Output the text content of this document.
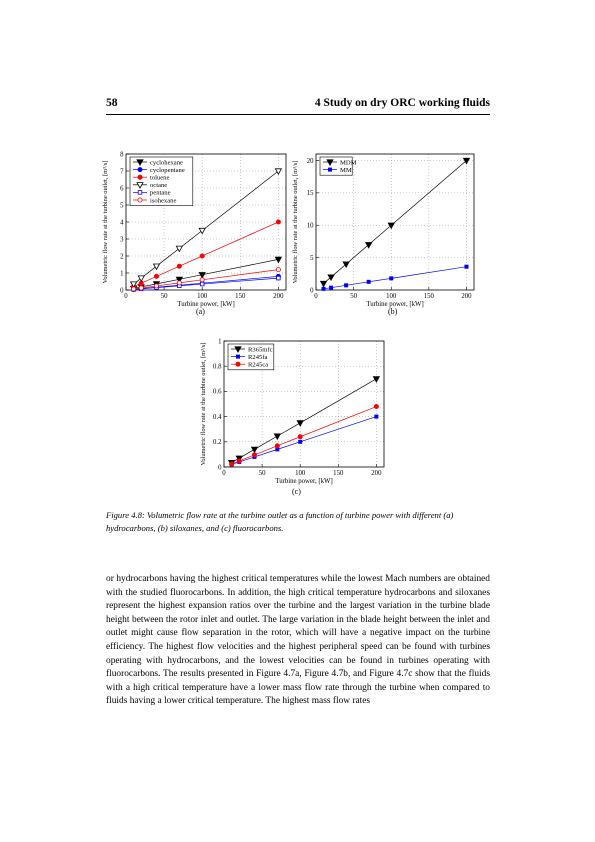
58	4 Study on dry ORC working fluids
0	50	100	150	200
0
1
2
3
4
5
6
7
8
Turbine power, [kW]
Volumetric flow rate at the turbine outlet, [m³/s]	cyclohexane
cyclopentane
toluene
octane
pentane
isohexane
0	50	100	150	200
0
5
10
15
20
Turbine power, [kW]
Volumetric flow rate at the turbine outlet, [m³/s]	MDM
MM
0	50	100	150	200
0
0.2
0.4
0.6
0.8
1
Turbine power, [kW]
Volumetric flow rate at the turbine outlet, [m³/s]	R365mfc
R245fa
R245ca
(a)	(b)
(c)
Figure 4.8: Volumetric flow rate at the turbine outlet as a function of turbine power with different (a) hydrocarbons, (b) siloxanes, and (c) fluorocarbons.

or hydrocarbons having the highest critical temperatures while the lowest Mach numbers are obtained with the studied fluorocarbons. In addition, the high critical temperature hydrocarbons and siloxanes represent the highest expansion ratios over the turbine and the largest variation in the turbine blade height between the rotor inlet and outlet. The large variation in the blade height between the inlet and outlet might cause flow separation in the rotor, which will have a negative impact on the turbine efficiency. The highest flow velocities and the highest peripheral speed can be found with turbines operating with hydrocarbons, and the lowest velocities can be found in turbines operating with fluorocarbons. The results presented in Figure 4.7a, Figure 4.7b, and Figure 4.7c show that the fluids with a high critical temperature have a lower mass flow rate through the turbine when compared to fluids having a lower critical temperature. The highest mass flow rates
